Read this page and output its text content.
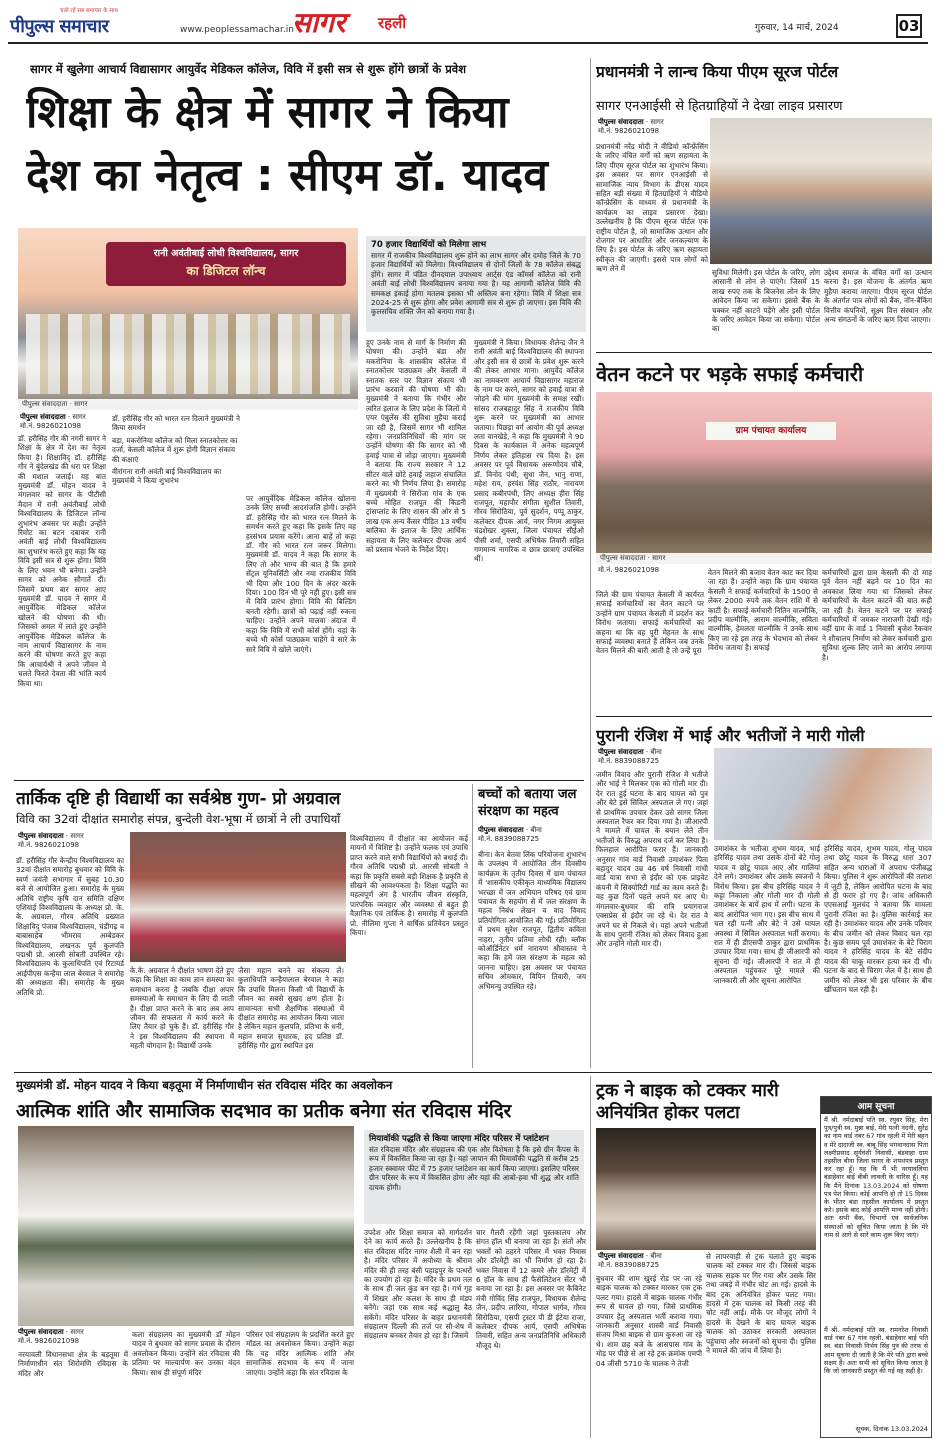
चलो रहें सब समाचार के साथ
पीपुल्स समाचार	www.peoplessamachar.in
सागर रहली	गुरुवार, 14 मार्च, 2024	03
सागर में खुलेगा आचार्य विद्यासागर आयुर्वेद मेडिकल कॉलेज, विवि में इसी सत्र से शुरू होंगे छात्रों के प्रवेश
शिक्षा के क्षेत्र में सागर ने किया
देश का नेतृत्व : सीएम डॉ. यादव
रानी अवंतीबाई लोधी विश्वविद्यालय, सागर
का डिजिटल लॉन्च
पीपुल्स संवाददाता · सागर
डॉ. हरीसिंह गौर को भारत रत्न दिलाने मुख्यमंत्री ने किया समर्थन
बड़ा, मकरोनिया कॉलेज को मिला स्नातकोत्तर का दर्जा, केसली कॉलेज में शुरू होगी विज्ञान संकाय की कक्षाएं
वीरांगना रानी अवंती बाई विश्वविद्यालय का मुख्यमंत्री ने किया शुभारंभ
पीपुल्स संवाददाता · सागर
मो.नं. 9826021098
डॉ. हरीसिंह गौर की नगरी सागर ने शिक्षा के क्षेत्र में देश का नेतृत्व किया है। शिक्षाविद् डॉ. हरीसिंह गौर ने बुंदेलखंड की धरा पर शिक्षा की मशाल जलाई। यह बात मुख्यमंत्री डॉ. मोहन यादव ने मंगलवार को सागर के पीटीसी मैदान में रानी अवंतीबाई लोधी विश्वविद्यालय के डिजिटल लॉन्च शुभारंभ अवसर पर कही। उन्होंने रिमोट का बटन दबाकर रानी अवंती बाई लोधी विश्वविद्यालय का शुभारंभ करते हुए कहा कि यह विवि इसी सत्र से शुरू होगा। विवि के लिए भवन भी बनेगा। उन्होंने सागर को अनेक सौगातें दीं। जिसमें प्रथम बार सागर आए मुख्यमंत्री डॉ. यादव ने सागर में आयुर्वेदिक मेडिकल कॉलेज खोलने की घोषणा की थी। जिसको अमल में लाते हुए उन्होंने आयुर्वेदिक मेडिकल कॉलेज के नाम आचार्य विद्यासागर के नाम करने की घोषणा करते हुए कहा कि आचार्यश्री ने अपने जीवन में चलते फिरते देवता की भांति कार्य किया था।
पर आयुर्वेदिक मेडिकल कॉलेज खोलना उनके लिए सच्ची आदरांजलि होगी। उन्होंने डॉ. हरीसिंह गौर को भारत रत्न मिलने के समर्थन करते हुए कहा कि इसके लिए वह हरसंभव प्रयास करेंगे। आना बाहें तो कहा डॉ. गौर को भारत रत्न जरूर मिलेगा। मुख्यमंत्री डॉ. यादव ने कहा कि सागर के लिए तो और भाग्य की बात है कि हमारे सेंट्रल यूनिवर्सिटी और नया राजकीय विवि भी दिया और 100 दिन के अंदर करके दिया। 100 दिन भी पूरे नहीं हुए। इसी सत्र में विवि प्रारंभ होगा। विवि की बिल्डिंग बनती रहेगी। छात्रों को पढ़ाई नहीं रुकना चाहिए। उन्होंने अपने मालवा अंदाज में कहा कि विवि में सभी कोर्स होंगे। यहां के बच्चे भी कोर्स पाठ्यक्रम चाहेंगे वे सारे के सारे विवि में खोले जाएंगे।
70 हजार विद्यार्थियों को मिलेगा लाभ
सागर में राजकीय विश्वविद्यालय शुरू होने का लाभ सागर और दमोह जिले के 70 हजार विद्यार्थियों को मिलेगा। विश्वविद्यालय से दोनों जिलों के 78 कॉलेज संबद्ध होंगे। सागर में पंडित दीनदयाल उपाध्याय आर्ट्स एंड कॉमर्स कॉलेज को रानी अवंती बाई लोधी विश्वविद्यालय बनाया गया है। यह आगामी कॉलेज विवि की समकक्ष इकाई होगा मतलब इसका भी अस्तित्व बना रहेगा। विवि में शिक्षा सत्र 2024-25 से शुरू होगा और प्रवेश आगामी सत्र से शुरू हो जाएगा। इस विवि की कुलसचिव शक्ति जैन को बनाया गया है।
हुए उनके नाम से मार्ग के निर्माण की घोषणा की। उन्होंने बंडा और मकरोनिया के शासकीय कॉलेज में स्नातकोत्तर पाठ्यक्रम और केसली में स्नातक स्तर पर विज्ञान संकाय भी प्रारंभ करवाने की घोषणा भी की। मुख्यमंत्री ने बताया कि गंभीर और त्वरित इलाज के लिए प्रदेश के जिलों में एयर एंबुलेंस की सुविधा मुहैया कराई जा रही है, जिसमें सागर भी शामिल रहेगा। जनप्रतिनिधियों की मांग पर उन्होंने घोषणा की कि सागर को भी हवाई यात्रा से जोड़ा जाएगा। मुख्यमंत्री ने बताया कि राज्य सरकार ने 12 सीटर वाले छोटे हवाई जहाज संचालित करने का भी निर्णय लिया है। समारोह में मुख्यमंत्री ने सिरोंजा गांव के एक बच्चे मोहित राजपूत की किडनी ट्रांसप्लांट के लिए शासन की ओर से 5 लाख एक अन्य कैंसर पीड़ित 13 वर्षीय बालिका के इलाज के लिए आर्थिक सहायता के लिए कलेक्टर दीपक आर्य को प्रस्ताव भेजने के निर्देश दिए।
मुख्यमंत्री ने किया। विधायक शैलेन्द्र जैन ने रानी अवंती बाई विश्वविद्यालय की स्थापना और इसी सत्र से छात्रों के प्रवेश शुरू करने की लेकर आभार माना। आयुर्वेद कॉलेज का नामकरण आचार्य विद्यासागर महाराज के नाम पर करने, सागर को हवाई यात्रा से जोड़ने की मांग मुख्यमंत्री के समक्ष रखी। सांसद राजबहादुर सिंह ने राजकीय विवि शुरू करने पर मुख्यमंत्री का आभार जताया। पिछड़ा वर्ग आयोग की पूर्व अध्यक्ष लता वानखेड़े, ने कहा कि मुख्यमंत्री ने 90 दिवस के कार्यकाल में अनेक महत्वपूर्ण निर्णय लेकर इतिहास रच दिया है। इस अवसर पर पूर्व विधायक अरूणोदय चौबे, डॉ. विनोद पंथी, सुधा जैन, भानु राणा, महेश राय, हरवंश सिंह राठौर, नारायण प्रसाद कबीरपंथी, लिए अध्यक्ष हीरा सिंह राजपूत, महापौर संगीता सुशील तिवारी, गौरव सिरोठिया, पूर्व सुदर्शन, पप्पू ठाकुर, कलेक्टर दीपक आर्य, नगर निगम आयुक्त चंद्रशेखर शुक्ला, जिला पंचायत सीईओ पीसी शर्मा, एसपी अभिषेक तिवारी सहित गणमान्य नागरिक व छात्र छात्राएं उपस्थित थीं।
प्रधानमंत्री ने लान्च किया पीएम सूरज पोर्टल
सागर एनआईसी से हितग्राहियों ने देखा लाइव प्रसारण
पीपुल्स संवाददाता · सागर
मो.नं. 9826021098
प्रधानमंत्री नरेंद्र मोदी ने वीडियो कॉन्फ्रेंसिंग के जरिए वंचित वर्गों को ऋण सहायता के लिए पीएम सूरज पोर्टल का शुभारंभ किया। इस अवसर पर सागर एनआईसी से सामाजिक न्याय विभाग के डीएस यादव सहित बड़ी संख्या में हितग्राहियों ने वीडियो कॉन्फ्रेंसिंग के माध्यम से प्रधानमंत्री के कार्यक्रम का लाइव प्रसारण देखा। उल्लेखनीय है कि पीएम सूरज पोर्टल एक राष्ट्रीय पोर्टल है, जो सामाजिक उत्थान और रोजगार पर आधारित और जनकल्याण के लिए है। इस पोर्टल के जरिए ऋण सहायता स्वीकृत की जाएगी। इससे पात्र लोगों को ऋण लेने में	सुविधा मिलेगी। इस पोर्टल के जरिए, लोग आसानी से लोन ले पाएंगे। जिसमें 15 लाख रुपए तक के बिजनेस लोन के लिए आवेदन किया जा सकेगा। इससे बैंक के चक्कर नहीं काटने पड़ेंगे और इसी पोर्टल के जरिए आवेदन किया जा सकेगा। पोर्टल का
उद्देश्य समाज के वंचित वर्गों का उत्थान करना है। इस योजना के अंतर्गत ऋण मुहैया कराया जाएगा। पीएम सूरज पोर्टल के अंतर्गत पात्र लोगों को बैंक, नॉन-बैंकिंग वित्तीय कंपनियों, सूक्ष्म वित्त संस्थान और अन्य संगठनों के जरिए ऋण दिया जाएगा।
वेतन कटने पर भड़के सफाई कर्मचारी
ग्राम पंचायत कार्यालय
पीपुल्स संवाददाता · सागर
मो.नं. 9826021098
जिले की ग्राम पंचायत केसली में कार्यरत सफाई कर्मचारियों का वेतन काटने पर उन्होंने ग्राम पंचायत केसली में प्रदर्शन कर विरोध जताया। सफाई कर्मचारियों का कहना था कि वह पूरी मेहनत के साथ सफाई व्यवस्था बनाते हैं लेकिन जब उनके वेतन मिलने की बारी आती है तो उन्हें पूरा
वेतन मिलने की बजाय वेतन काट कर दिया जा रहा है। उन्होंने कहा कि ग्राम पंचायत केसली ने सफाई कर्मचारियों के 1500 से लेकर 2000 रुपये तक वेतन राशि में से काटी है। सफाई कर्मचारी नितिन वाल्मीकि, प्रदीप वाल्मीकि, आराम वाल्मीकि, सविता वाल्मीकि, हेमलता वाल्मीकि ने उनके साथ किए जा रहे इस तरह के भेदभाव को लेकर विरोध जताया है। सफाई
कर्मचारियों द्वारा ग्राम केसली की दो माह पूर्व वेतन नहीं बढ़ने पर 10 दिन का अवकाश लिया गया था जिसको लेकर कर्मचारियों के वेतन काटने की बात कही जा रही है। वेतन कटने पर पर सफाई कर्मचारियों में जमकर नाराजगी देखी गई। वहीं ग्राम के वार्ड 1 निवासी बृजेश रैकवार ने शौचालय निर्माण को लेकर कर्मचारी द्वारा सुविधा शुल्क लिए जाने का आरोप लगाया है।
पुरानी रंजिश में भाई और भतीजों ने मारी गोली
पीपुल्स संवाददाता · बीना
मो.नं. 8839088725
जमीन विवाद और पुरानी रंजिश में भतीजे और भाई ने मिलकर एक को गोली मार दी। देर रात हुई घटना के बाद घायल को पुत्र और बेटे इसे सिविल अस्पताल ले गए। जहां से प्राथमिक उपचार देकर उसे सागर जिला अस्पताल रैफर कर दिया गया है। जीआरपी ने मामले में घायल के बयान लेते तीन भतीजों के विरुद्ध अपराध दर्ज कर लिया है। फिलहाल आरोपित फरार हैं। जानकारी अनुसार गांव वार्ड निवासी उमाशंकर पिता बहादुर यादव उम्र 46 वर्ष निवासी गांधी वार्ड यात्रा सभा से इंदौर को एक प्राइवेट कंपनी में सिक्योरिटी गार्ड का काम करते हैं। वह कुछ दिनों पहले अपने घर आए थे। मंगलवार-बुधवार की रात्रि प्रयागराज एक्सप्रेस से इंदौर जा रहे थे। देर रात वे अपने घर से निकले थे। यहां अपने भतीजों के साथ पुरानी रंजिश को लेकर विवाद हुआ और उन्होंने गोली मार दी।
उमाशंकर के भतीजा शुभम यादव, भाई हरिसिंह यादव तथा उसके दोनों बेटे गोलू यादव व छोटू यादव आए और गालियां देने लगे। उमाशंकर और उसके स्वजनों ने विरोध किया। इस बीच हरिसिंह यादव ने कट्टा निकाला और गोली मार दी गोली उमाशंकर के बायें हाथ में लगी। घटना के बाद आरोपित भाग गए। इस बीच साथ में चल रही पत्नी और बेटे ने उसे घायल अवस्था में सिविल अस्पताल भर्ती कराया। रात में ही डीएसपी ठाकुर द्वारा प्राथमिक उपचार दिया गया। साथ ही जीआरपी को सूचना दी गई। जीआरपी ने रात में ही अस्पताल पहुंचकर पूरे मामले की जानकारी ली और सूचना आरोपित
हरिसिंह यादव, शुभम यादव, गोलू यादव तथा छोटू यादव के विरुद्ध धारा 307 सहित अन्य धाराओं में अपराध पंजीबद्ध किया। पुलिस ने शुरू आरोपितों की तलाश में जुटी है, लेकिन आरोपित घटना के बाद से ही फरार हो गए हैं। जांच अधिकारी एएसआई मूलचंद ने बताया कि मामला पुरानी रंजिश का है। पुलिस कार्रवाई कर रही है। उमाशंकर यादव और उनके परिवार के बीच जमीन को लेकर विवाद चल रहा है। कुछ समय पूर्व उमाशंकर के बेटे चिराग यादव ने हरिसिंह यादव के बेटे संदीप यादव की चाकू मारकर हत्या कर दी थी। घटना के बाद से चिराग जेल में है। साथ ही जमीन को लेकर भी इस परिवार के बीच खींचतान चल रही है।
तार्किक दृष्टि ही विद्यार्थी का सर्वश्रेष्ठ गुण- प्रो अग्रवाल
विवि का 32वां दीक्षांत समारोह संपन्न, बुन्देली वेश-भूषा में छात्रों ने ली उपाधियाँ
पीपुल्स संवाददाता · सागर
मो.नं. 9826021098
डॉ. हरीसिंह गौर केन्द्रीय विश्वविद्यालय का 32वां दीक्षांत समारोह बुधवार को विवि के स्वर्ण जयंती सभागार में सुबह 10.30 बजे से आयोजित हुआ। समारोह के मुख्य अतिथि राष्ट्रीय कृषि दान समिति दक्षिण एशियाई विश्वविद्यालय के अध्यक्ष प्रो. के. के. अग्रवाल, गौरव अतिथि प्रख्यात शिक्षाविद् पंजाब विश्वविद्यालय, चंडीगढ़ व बाबासाहेब भीमराव अम्बेडकर विश्वविद्यालय, लखनऊ पूर्व कुलपति पद्मश्री प्रो. आरसी सोबती उपस्थित रहे। विश्वविद्यालय के कुलाधिपति एवं रिटायर्ड आईपीएस कन्हैया लाल बेरवाल ने समारोह की अध्यक्षता की। समारोह के मुख्य अतिथि प्रो.
के.के. अग्रवाल ने दीक्षांत भाषण देते हुए कहा कि शिक्षा का काम ज्ञान समस्या का समाधान करना है जबकि दीक्षा अपार समस्याओं के समाधान के लिए दी जाती है। दीक्षा प्राप्त करने के बाद अब आप जीवन की सफलता में कार्य करने के लिए तैयार हो चुके हैं। डॉ. हरीसिंह गौर ने इस विश्वविद्यालय की स्थापना में महती योगदान है। विद्यार्थी उनके
जैसा महान बनने का संकल्प लें। कुलाधिपति कन्हैयालाल बेरवाल ने कहा कि उपाधि मिलना किसी भी विद्यार्थी के जीवन का सबसे सुखद क्षण होता है। सामान्यतः सभी शैक्षणिक संस्थाओं में दीक्षांत समारोह का आयोजन किया जाता है लेकिन महान कुलपति, प्रतिभा के धनी, महान समाज सुधारक, हद प्रतिष्ठ डॉ. हरीसिंह गौर द्वारा स्थापित इस
विश्वविद्यालय में दीक्षांत का आयोजन कई मायनों में विशिष्ट है। उन्होंने फलक एवं उपाधि प्राप्त करने वाले सभी विद्यार्थियों को बधाई दी। गौरव अतिथि पद्मश्री प्रो. आरसी सोबती ने कहा कि प्रकृति सबसे बड़ी शिक्षक है प्रकृति से सीखने की आवश्यकता है। शिक्षा पद्धति का महत्वपूर्ण अंग है भारतीय जीवन संस्कृति, पारंपरिक व्यवहार और व्यवस्था से बहुत ही वैज्ञानिक एवं तार्किक है। समारोह में कुलपति प्रो. नीलिमा गुप्ता ने वार्षिक प्रतिवेदन प्रस्तुत किया।
बच्चों को बताया जल संरक्षण का महत्व
पीपुल्स संवाददाता · बीना
मो.नं. 8839088725
बीना। केन बेतवा लिंक परियोजना शुभारंभ के उपलक्ष्य में आयोजित तीन दिवसीय कार्यक्रम के तृतीय दिवस में ग्राम पंचायत में 'शासकीय एकीकृत माध्यमिक विद्यालय भरच्छा में जन अभियान परिषद एवं ग्राम पंचायत के सहयोग से में जल संरक्षण के महत्व निबंध लेखन व वाद विवाद प्रतियोगिता आयोजित की गई। प्रतियोगिता में प्रथम सुरेश राजपूत, द्वितीय कविता नाहरा, तृतीय प्रतिमा लोधी रही। ब्लॉक कोऑर्डिनेटर धर्म नारायण श्रीवास्तव ने कहा कि हमें जल संरक्षण के महत्व को जानना चाहिए। इस अवसर पर पंचायत सचिव ओमकार, विपिन तिवारी, जय अभिमन्यु उपस्थित रहे।
मुख्यमंत्री डॉ. मोहन यादव ने किया बड़तूमा में निर्माणाधीन संत रविदास मंदिर का अवलोकन
आत्मिक शांति और सामाजिक सदभाव का प्रतीक बनेगा संत रविदास मंदिर
मियावॉकी पद्धति से किया जाएगा मंदिर परिसर में प्लांटेशन
संत रविदास मंदिर और संग्रहालय की एक और विशेषता है कि इसे ग्रीन कैंपस के रूप में विकसित किया जा रहा है। यहां जापान की मियावॉकी पद्धति से करीब 25 हजार स्क्वायर फीट में 75 हजार प्लांटेशन का कार्य किया जाएगा। इसलिए परिसर ग्रीन परिसर के रूप में विकसित होगा और यहां की आबो-हवा भी शुद्ध और शांति दायक होगी।
पीपुल्स संवाददाता · सागर
मो.नं. 9826021098
नरयावली विधानसभा क्षेत्र के बड़तूमा में निर्माणाधीन संत शिरोमणि रविदास के मंदिर और
कला संग्रहालय का मुख्यमंत्री डॉ मोहन यादव ने बुधवार को सागर प्रवास के दौरान अवलोकन किया। उन्होंने संत रविदास की प्रतिमा पर माल्यार्पण कर उनका वंदन किया। साथ ही संपूर्ण मंदिर
परिसर एवं संग्रहालय के प्रदर्शित करते हुए मॉडल का अवलोकन किया। उन्होंने कहा कि यह मंदिर आत्मिक शांति और सामाजिक सदभाव के रूप में जाना जाएगा। उन्होंने कहा कि संत रविदास के
उपदेश और शिक्षा समाज को मार्गदर्शन देने का कार्य करते हैं। उल्लेखनीय है कि संत रविदास मंदिर नागर शैली में बन रहा है। मंदिर परिसर में अयोध्या के श्रीराम मंदिर की ही तरह बंसी पहाड़पुर के पत्थरों का उपयोग हो रहा है। मंदिर के प्रथम तल के साथ ही जल कुंड बन रहा है। गर्भ गृह में शिखर और कलश के साथ ही मंडप बनेंगे। जहां एक साथ कई श्रद्धालु बैठ सकेंगे। मंदिर परिसर के बाहर प्रधानमंत्री संग्रहालय दिल्ली की तर्ज पर सौ-शेष में संग्रहालय बनकर तैयार हो रहा है। जिसमें
चार गैलरी रहेंगी जहां पुस्तकालय और संगत हॉल भी बनाया जा रहा है। संतों और भक्तों को ठहरने परिसर में भक्त निवास और डॉरमेट्री का भी निर्माण हो रहा है। भक्त निवास में 12 कमरे और डॉरमेट्री में 6 हॉल के साथ ही फैसेलिटेशन सेंटर भी बनाया जा रहा है। इस अवसर पर कैबिनेट मंत्री गोविंद सिंह राजपूत, विधायक शैलेन्द्र जैन, प्रदीप लारिया, गोपाल भार्गव, गौरव सिरोठिया, एसपी ट्रस्टर पी डी ईटेया राजा, कलेक्टर दीपक आर्य, एसपी अभिषेक तिवारी, सहित अन्य जनप्रतिनिधि अधिकारी मौजूद थे।
ट्रक ने बाइक को टक्कर मारी
अनियंत्रित होकर पलटा
पीपुल्स संवाददाता · बीना
मो.नं. 8839088725
बुधवार की शाम खुरई रोड पर जा रहे बाइक चालक को टक्कर मारकर एक ट्रक पलट गया। हादसे में बाइक चालक गंभीर रूप से घायल हो गया, जिसे प्राथमिक उपचार हेतु अस्पताल भर्ती कराया गया। जानकारी अनुसार शास्त्री वार्ड निवासी संजय मिश्रा बाइक से ग्राम कुरुआ जा रहे थे। शाम छह बजे के आसपास गांव के मोड़ पर पीछे से आ रहे ट्रक क्रमांक एमपी 04 जीसी 5710 के चालक ने तेजी
से लापरवाही से ट्रक चलाते हुए बाइक चालक को टक्कर मार दी। जिससे बाइक चालक सड़क पर गिर गया और उसके सिर तथा जबड़े में गंभीर चोट आ गई। हादसे के बाद ट्रक अनियंत्रित होकर पलट गया। हादसे में ट्रक चालक को किसी तरह की चोट नहीं आई। मौके पर मौजूद लोगों ने हादसे के देखने के बाद घायल बाइक चालक को उठाकर सरकारी अस्पताल पहुंचाया और स्वजनों को सूचना दी। पुलिस ने मामले की जांच में लिया है।
आम सूचना
मैं श्री. नर्मदाबाई पति स्व. रघुवर सिंह, मेरा पुत्र/पुत्री स्व. मुन्ना बाई, मेरी पत्नी नंदनी, सुरेंद्र का नाम वार्ड नंबर 67 गांव रहली में मेरी बहन व मेरे दादाजी स्व. बाबू सिंह भगवानदास पिता लक्ष्मीप्रसाद सूर्यवंशी निवासी, बंडवाहा ग्राम तहसील बीना जिला सागर के शपथपत्र प्रस्तुत कर रहा हूँ। यह कि मैं भी नरयावलिया बंडाहेवार बाई बीबी लावली के वारिस हूँ। यह कि मैंने दिनांक 13.03.2024 को घोषणा पत्र पेश किया। कोई आपत्ति हो तो 15 दिवस के भीतर बंडा तहसील कार्यालय में प्रस्तुत करे। इसके बाद कोई आपत्ति मान्य नहीं होगी। अतः सभी बैंक, विभागों एवं सार्वजनिक संस्थाओं को सूचित किया जाता है कि मेरे नाम से आगे से सारे काम शुरू किए जाएं।
मैं श्री. नर्मदाबाई पति स्व. रामनरेश निवासी वार्ड नंबर 67 गांव रहली, बंडाहेवार बाई पति स्व. बंडा निवासी निर्भय सिंह पुत्र की तरफ से आम सूचना दी जाती है कि मेरे पति द्वारा बच्चे सक्षम हैं। अतः सभी को सूचित किया जाता है कि जो जानकारी प्रस्तुत की गई वह सही है।
सूचक, दिनांक 13.03.2024
